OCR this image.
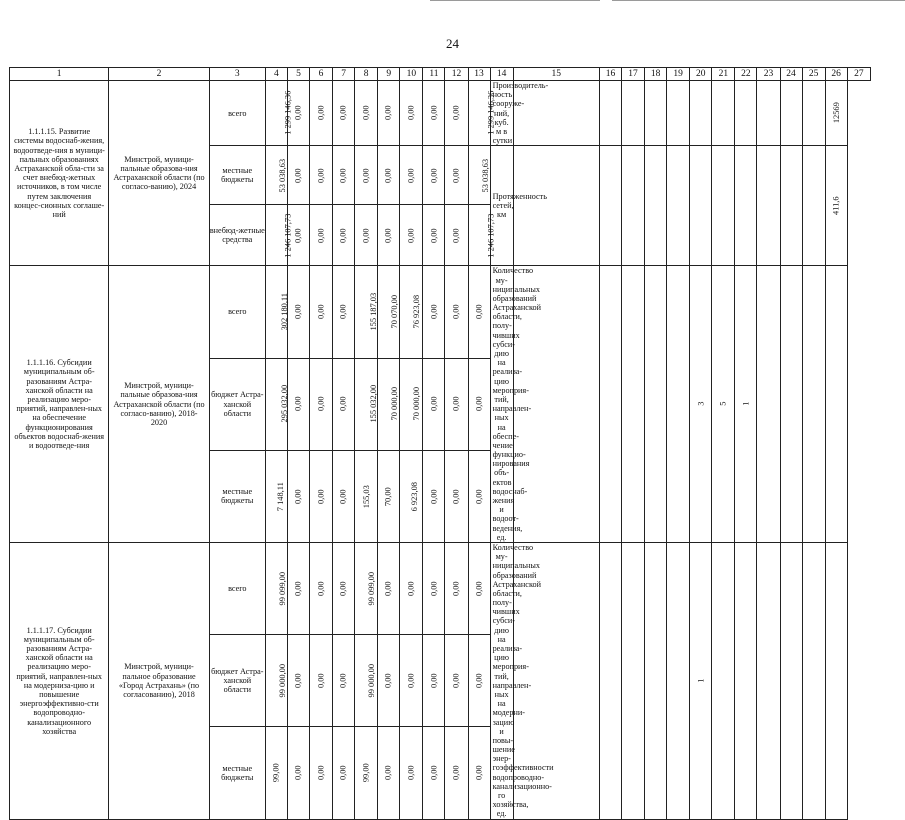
24
1	2	3	4	5	6	7	8	9	10	11	12	13	14	15	16	17	18	19	20	21	22	23	24	25	26	27
1.1.1.15. Развитие системы водоснаб-жения, водоотведе-ния в муници-пальных образованиях Астраханской обла-сти за счет внебюд-жетных источников, в том числе путем заключения концес-сионных соглаше-ний	Минстрой, муници-пальные образова-ния Астраханской области (по согласо-ванию), 2024	всего	1 299 146,36	0,00	0,00	0,00	0,00	0,00	0,00	0,00	0,00	1 299 146,36	Производитель-ность сооруже-ний, куб. м в сутки												12569	
		местные бюджеты	53 038,63	0,00	0,00	0,00	0,00	0,00	0,00	0,00	0,00	53 038,63	Протяженность сетей, км												411,6	
		внебюд-жетные средства	1 246 107,73	0,00	0,00	0,00	0,00	0,00	0,00	0,00	0,00	1 246 107,73														
1.1.1.16. Субсидии муниципальным об-разованиям Астра-ханской области на реализацию меро-приятий, направлен-ных на обеспечение функционирования объектов водоснаб-жения и водоотведе-ния	Минстрой, муници-пальные образова-ния Астраханской области (по согласо-ванию), 2018-2020	всего	302 180,11	0,00	0,00	0,00	155 187,03	70 070,00	76 923,08	0,00	0,00	0,00	Количество му-ниципальных образований Астраханской области, полу-чивших субси-дию на реализа-цию мероприя-тий, направлен-ных на обеспе-чение функцио-нирования объ-ектов водоснаб-жения и водоот-ведения, ед.						3	5	1					
		бюджет Астра-ханской области	295 032,00	0,00	0,00	0,00	155 032,00	70 000,00	70 000,00	0,00	0,00	0,00														
		местные бюджеты	7 148,11	0,00	0,00	0,00	155,03	70,00	6 923,08	0,00	0,00	0,00														
1.1.1.17. Субсидии муниципальным об-разованиям Астра-ханской области на реализацию меро-приятий, направлен-ных на модерниза-цию и повышение энергоэффективно-сти водопроводно-канализационного хозяйства	Минстрой, муници-пальное образование «Город Астрахань» (по согласованию), 2018	всего	99 099,00	0,00	0,00	0,00	99 099,00	0,00	0,00	0,00	0,00	0,00	Количество му-ниципальных образований Астраханской области, полу-чивших субси-дию на реализа-цию мероприя-тий, направлен-ных на модерни-зацию и повы-шение энер-гоэффективности водопроводно-канализационно-го хозяйства, ед.						1							
		бюджет Астра-ханской области	99 000,00	0,00	0,00	0,00	99 000,00	0,00	0,00	0,00	0,00	0,00														
		местные бюджеты	99,00	0,00	0,00	0,00	99,00	0,00	0,00	0,00	0,00	0,00														
